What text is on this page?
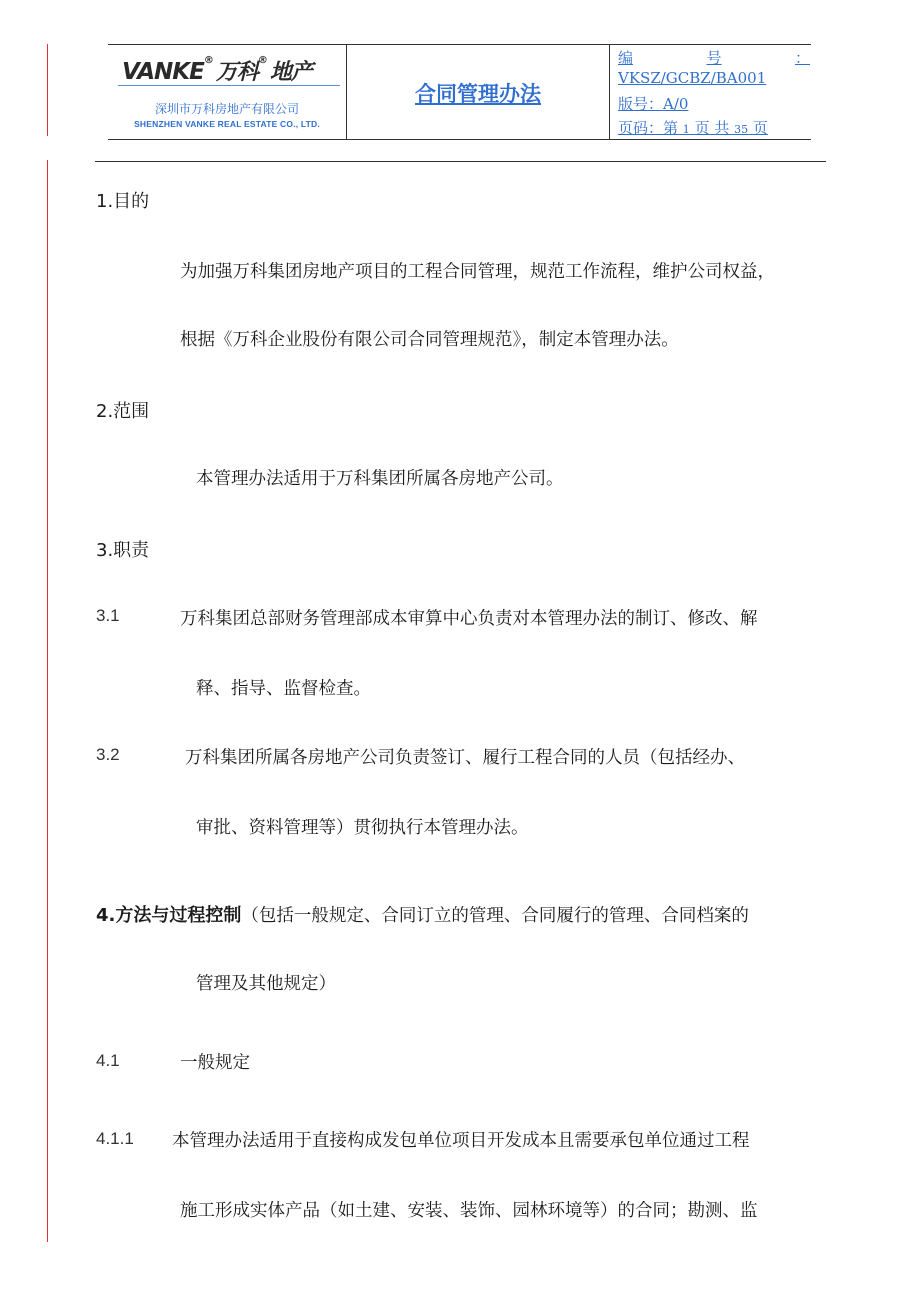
VANKE®万科®地产
深圳市万科房地产有限公司
SHENZHEN VANKE REAL ESTATE CO., LTD.
合同管理办法
编	号	：
VKSZ/GCBZ/BA001
版号：A/0
页码：第 1 页 共 35 页
1.目的
为加强万科集团房地产项目的工程合同管理，规范工作流程，维护公司权益，
根据《万科企业股份有限公司合同管理规范》，制定本管理办法。
2.范围
本管理办法适用于万科集团所属各房地产公司。
3.职责
3.1	万科集团总部财务管理部成本审算中心负责对本管理办法的制订、修改、解
释、指导、监督检查。
3.2	万科集团所属各房地产公司负责签订、履行工程合同的人员（包括经办、
审批、资料管理等）贯彻执行本管理办法。
4.方法与过程控制（包括一般规定、合同订立的管理、合同履行的管理、合同档案的
管理及其他规定）
4.1	一般规定
4.1.1 本管理办法适用于直接构成发包单位项目开发成本且需要承包单位通过工程
施工形成实体产品（如土建、安装、装饰、园林环境等）的合同；勘测、监
